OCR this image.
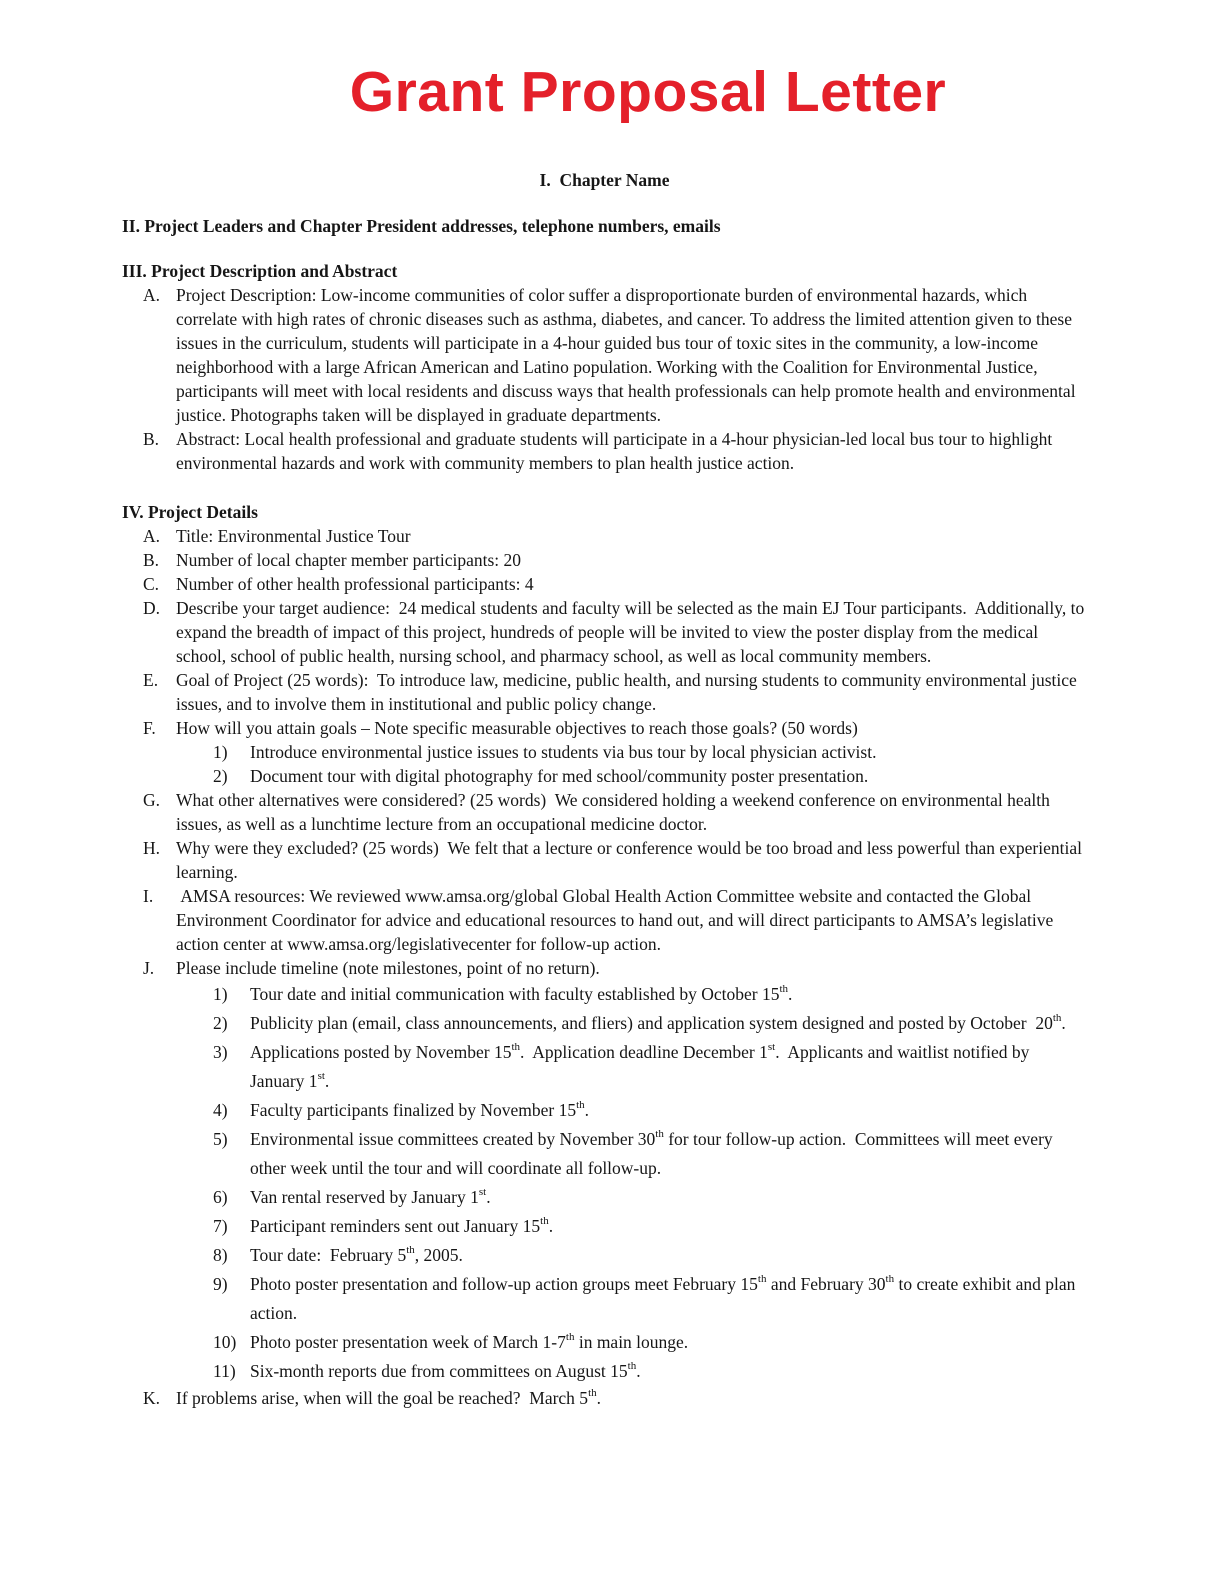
Grant Proposal Letter
I.  Chapter Name
II. Project Leaders and Chapter President addresses, telephone numbers, emails
III. Project Description and Abstract
A. Project Description: Low-income communities of color suffer a disproportionate burden of environmental hazards, which correlate with high rates of chronic diseases such as asthma, diabetes, and cancer. To address the limited attention given to these issues in the curriculum, students will participate in a 4-hour guided bus tour of toxic sites in the community, a low-income neighborhood with a large African American and Latino population. Working with the Coalition for Environmental Justice, participants will meet with local residents and discuss ways that health professionals can help promote health and environmental justice. Photographs taken will be displayed in graduate departments.
B. Abstract: Local health professional and graduate students will participate in a 4-hour physician-led local bus tour to highlight environmental hazards and work with community members to plan health justice action.
IV. Project Details
A. Title: Environmental Justice Tour
B. Number of local chapter member participants: 20
C. Number of other health professional participants: 4
D. Describe your target audience:  24 medical students and faculty will be selected as the main EJ Tour participants.  Additionally, to expand the breadth of impact of this project, hundreds of people will be invited to view the poster display from the medical school, school of public health, nursing school, and pharmacy school, as well as local community members.
E.	Goal of Project (25 words):  To introduce law, medicine, public health, and nursing students to community environmental justice issues, and to involve them in institutional and public policy change.
F.	How will you attain goals – Note specific measurable objectives to reach those goals? (50 words)
1)	Introduce environmental justice issues to students via bus tour by local physician activist.
2)	Document tour with digital photography for med school/community poster presentation.
G. What other alternatives were considered? (25 words)  We considered holding a weekend conference on environmental health issues, as well as a lunchtime lecture from an occupational medicine doctor.
H. Why were they excluded? (25 words)  We felt that a lecture or conference would be too broad and less powerful than experiential learning.
I.	AMSA resources: We reviewed www.amsa.org/global Global Health Action Committee website and contacted the Global Environment Coordinator for advice and educational resources to hand out, and will direct participants to AMSA’s legislative action center at www.amsa.org/legislativecenter for follow-up action.
J.	Please include timeline (note milestones, point of no return).
1)	Tour date and initial communication with faculty established by October 15th.
2)	Publicity plan (email, class announcements, and fliers) and application system designed and posted by October  20th.
3)	Applications posted by November 15th.  Application deadline December 1st.  Applicants and waitlist notified by January 1st.
4)	Faculty participants finalized by November 15th.
5)	Environmental issue committees created by November 30th for tour follow-up action.  Committees will meet every other week until the tour and will coordinate all follow-up.
6)	Van rental reserved by January 1st.
7)	Participant reminders sent out January 15th.
8)	Tour date:  February 5th, 2005.
9)	Photo poster presentation and follow-up action groups meet February 15th and February 30th to create exhibit and plan action.
10) Photo poster presentation week of March 1-7th in main lounge.
11) Six-month reports due from committees on August 15th.
K. If problems arise, when will the goal be reached?  March 5th.
